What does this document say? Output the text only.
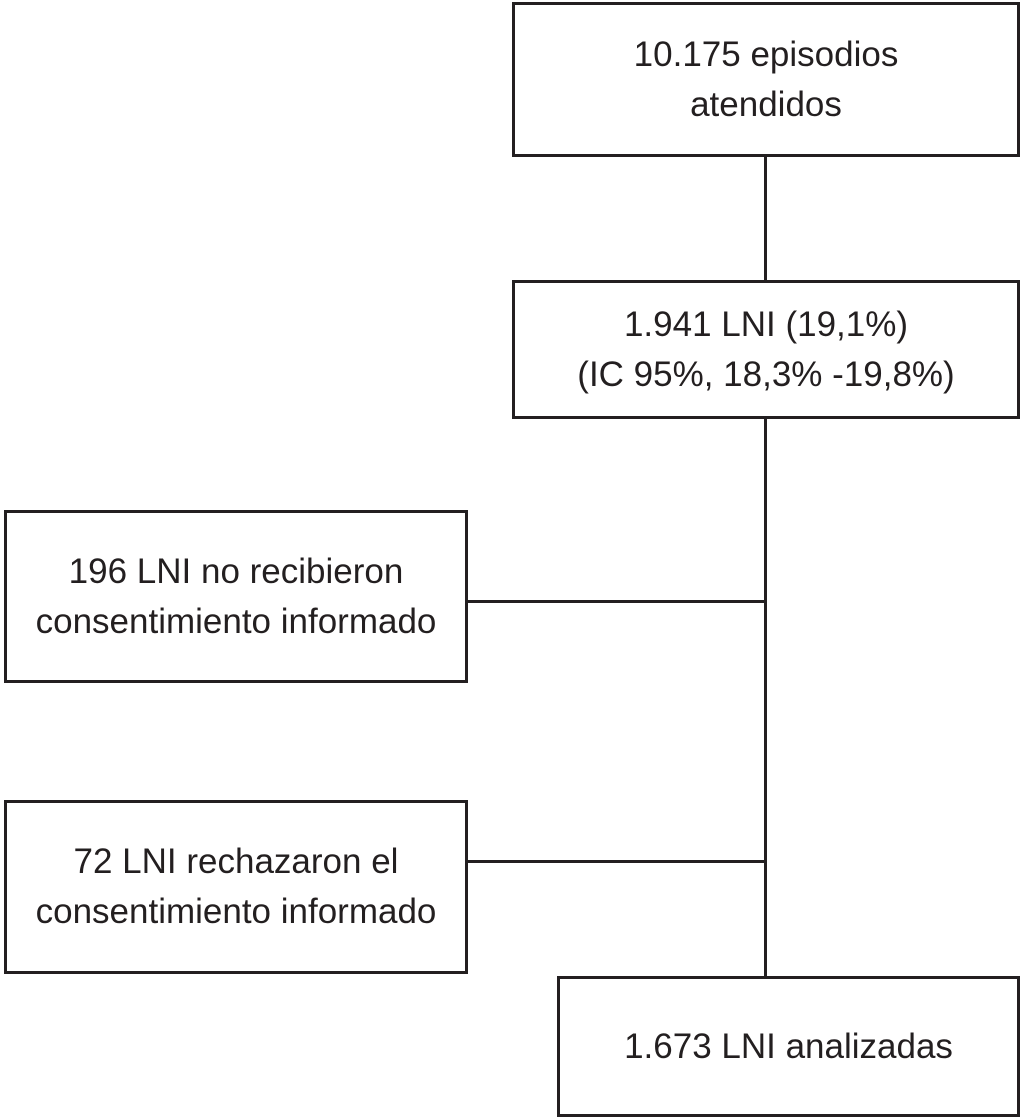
10.175 episodios
atendidos
1.941 LNI (19,1%)
(IC 95%, 18,3% -19,8%)
196 LNI no recibieron
consentimiento informado
72 LNI rechazaron el
consentimiento informado
1.673 LNI analizadas
